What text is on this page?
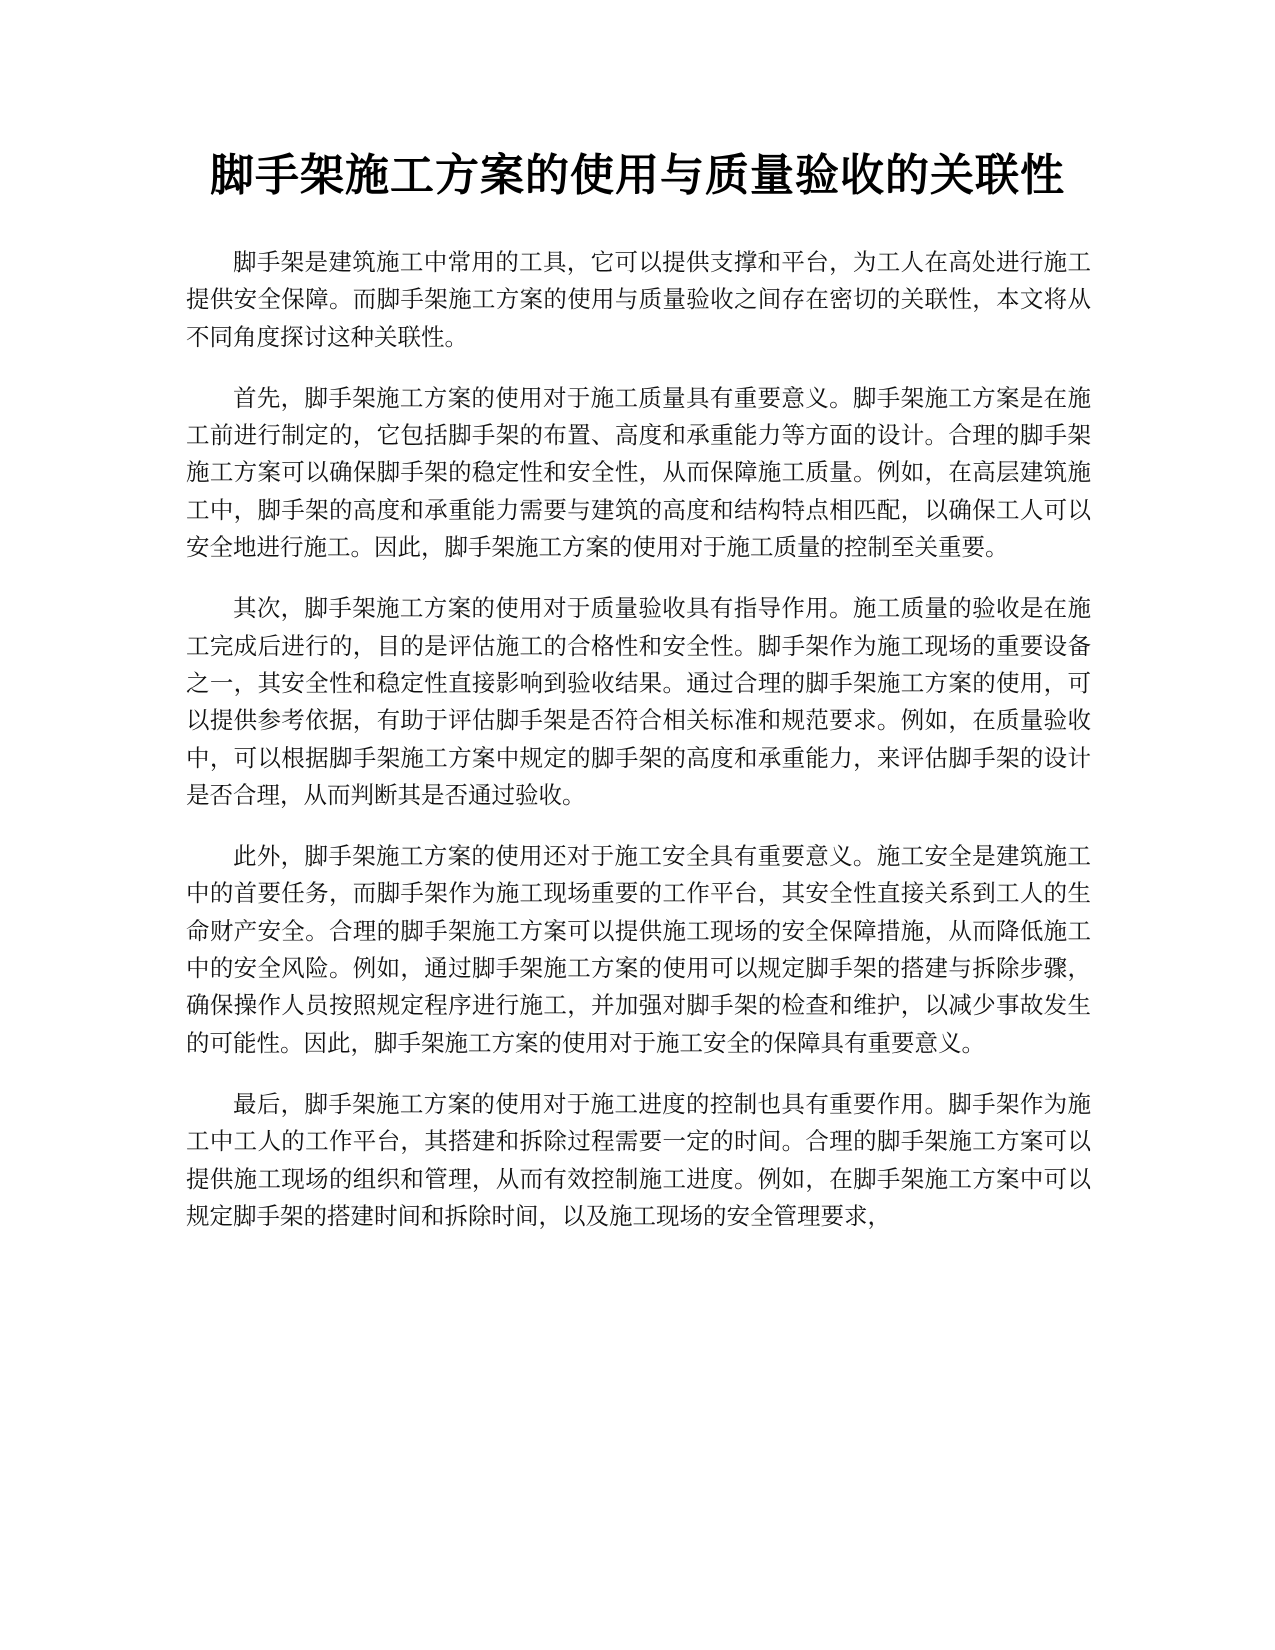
脚手架施工方案的使用与质量验收的关联性

脚手架是建筑施工中常用的工具，它可以提供支撑和平台，为工人在高处进行施工提供安全保障。而脚手架施工方案的使用与质量验收之间存在密切的关联性，本文将从不同角度探讨这种关联性。

首先，脚手架施工方案的使用对于施工质量具有重要意义。脚手架施工方案是在施工前进行制定的，它包括脚手架的布置、高度和承重能力等方面的设计。合理的脚手架施工方案可以确保脚手架的稳定性和安全性，从而保障施工质量。例如，在高层建筑施工中，脚手架的高度和承重能力需要与建筑的高度和结构特点相匹配，以确保工人可以安全地进行施工。因此，脚手架施工方案的使用对于施工质量的控制至关重要。

其次，脚手架施工方案的使用对于质量验收具有指导作用。施工质量的验收是在施工完成后进行的，目的是评估施工的合格性和安全性。脚手架作为施工现场的重要设备之一，其安全性和稳定性直接影响到验收结果。通过合理的脚手架施工方案的使用，可以提供参考依据，有助于评估脚手架是否符合相关标准和规范要求。例如，在质量验收中，可以根据脚手架施工方案中规定的脚手架的高度和承重能力，来评估脚手架的设计是否合理，从而判断其是否通过验收。

此外，脚手架施工方案的使用还对于施工安全具有重要意义。施工安全是建筑施工中的首要任务，而脚手架作为施工现场重要的工作平台，其安全性直接关系到工人的生命财产安全。合理的脚手架施工方案可以提供施工现场的安全保障措施，从而降低施工中的安全风险。例如，通过脚手架施工方案的使用可以规定脚手架的搭建与拆除步骤，确保操作人员按照规定程序进行施工，并加强对脚手架的检查和维护，以减少事故发生的可能性。因此，脚手架施工方案的使用对于施工安全的保障具有重要意义。

最后，脚手架施工方案的使用对于施工进度的控制也具有重要作用。脚手架作为施工中工人的工作平台，其搭建和拆除过程需要一定的时间。合理的脚手架施工方案可以提供施工现场的组织和管理，从而有效控制施工进度。例如，在脚手架施工方案中可以规定脚手架的搭建时间和拆除时间，以及施工现场的安全管理要求，
